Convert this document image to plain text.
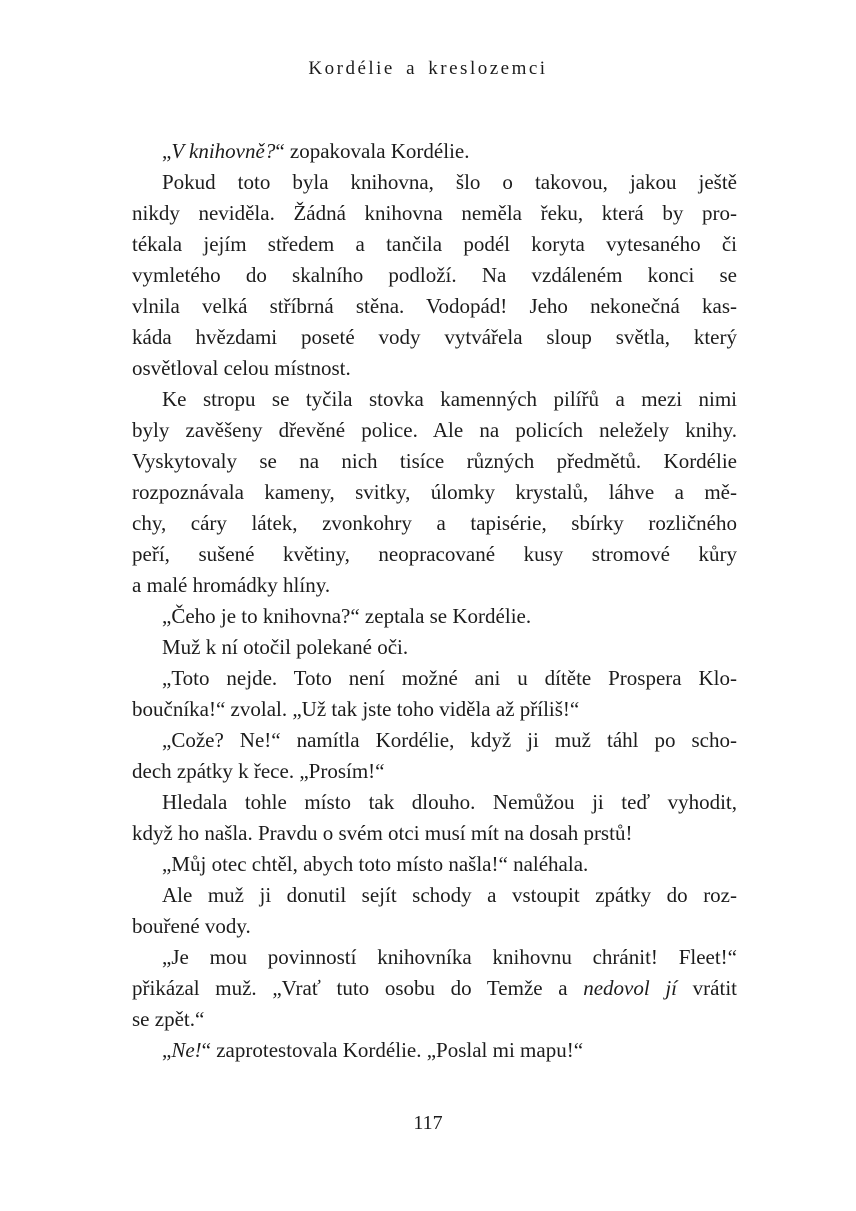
Kordélie a kreslozemci
„V knihovně?“ zopakovala Kordélie.
Pokud toto byla knihovna, šlo o takovou, jakou ještě
nikdy neviděla. Žádná knihovna neměla řeku, která by pro-
tékala jejím středem a tančila podél koryta vytesaného či
vymletého do skalního podloží. Na vzdáleném konci se
vlnila velká stříbrná stěna. Vodopád! Jeho nekonečná kas-
káda hvězdami poseté vody vytvářela sloup světla, který
osvětloval celou místnost.
Ke stropu se tyčila stovka kamenných pilířů a mezi nimi
byly zavěšeny dřevěné police. Ale na policích neležely knihy.
Vyskytovaly se na nich tisíce různých předmětů. Kordélie
rozpoznávala kameny, svitky, úlomky krystalů, láhve a mě-
chy, cáry látek, zvonkohry a tapisérie, sbírky rozličného
peří, sušené květiny, neopracované kusy stromové kůry
a malé hromádky hlíny.
„Čeho je to knihovna?“ zeptala se Kordélie.
Muž k ní otočil polekané oči.
„Toto nejde. Toto není možné ani u dítěte Prospera Klo-
boučníka!“ zvolal. „Už tak jste toho viděla až příliš!“
„Cože? Ne!“ namítla Kordélie, když ji muž táhl po scho-
dech zpátky k řece. „Prosím!“
Hledala tohle místo tak dlouho. Nemůžou ji teď vyhodit,
když ho našla. Pravdu o svém otci musí mít na dosah prstů!
„Můj otec chtěl, abych toto místo našla!“ naléhala.
Ale muž ji donutil sejít schody a vstoupit zpátky do roz-
bouřené vody.
„Je mou povinností knihovníka knihovnu chránit! Fleet!“
přikázal muž. „Vrať tuto osobu do Temže a nedovol jí vrátit
se zpět.“
„Ne!“ zaprotestovala Kordélie. „Poslal mi mapu!“
117
